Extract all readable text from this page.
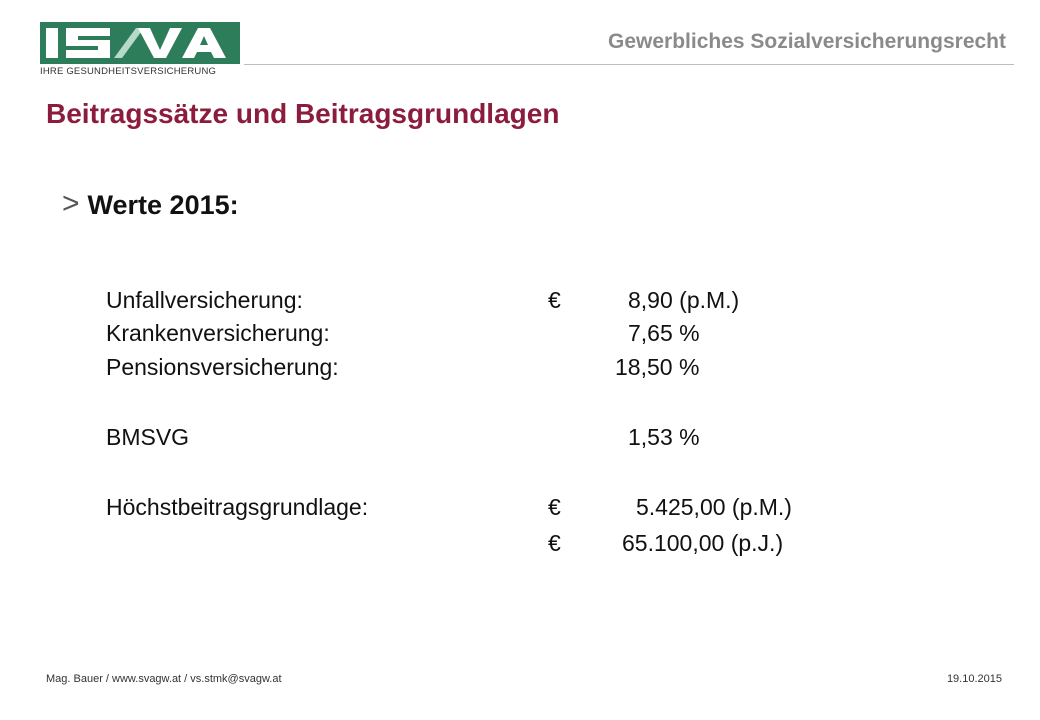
IHRE GESUNDHEITSVERSICHERUNG
Gewerbliches Sozialversicherungsrecht
Beitragssätze und Beitragsgrundlagen
> Werte 2015:
Unfallversicherung:	€	8,90 (p.M.)
Krankenversicherung:	7,65 %
Pensionsversicherung:	18,50 %
BMSVG	1,53 %
Höchstbeitragsgrundlage:	€	5.425,00 (p.M.)
€	65.100,00 (p.J.)
Mag. Bauer / www.svagw.at / vs.stmk@svagw.at	19.10.2015
